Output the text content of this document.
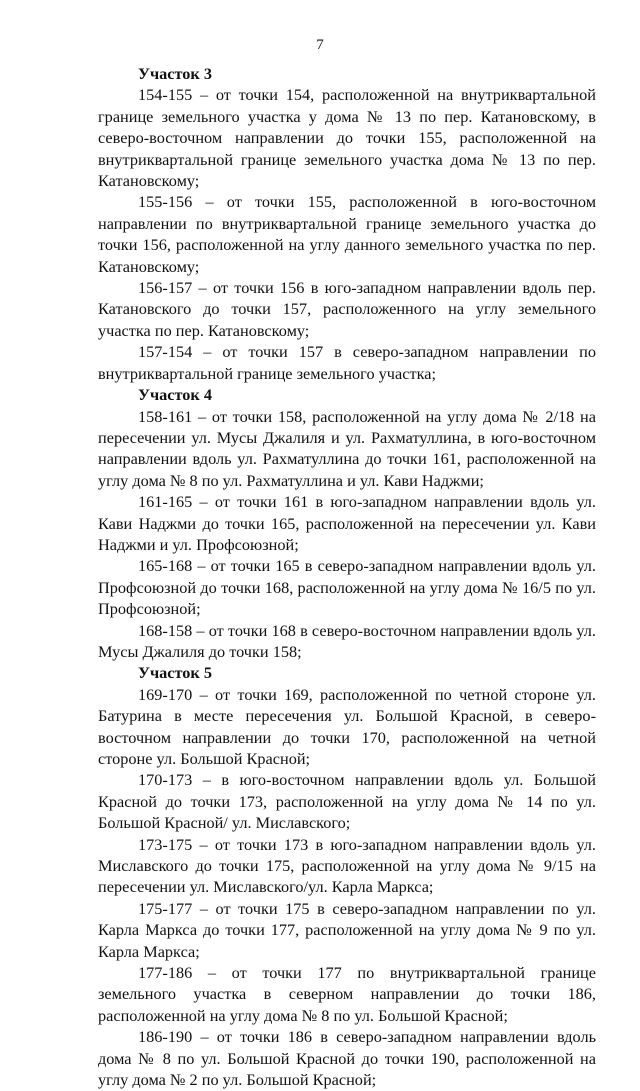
7

Участок 3

154-155 – от точки 154, расположенной на внутриквартальной границе земельного участка у дома № 13 по пер. Катановскому, в северо-восточном направлении до точки 155, расположенной на внутриквартальной границе земельного участка дома № 13 по пер. Катановскому;

155-156 – от точки 155, расположенной в юго-восточном направлении по внутриквартальной границе земельного участка до точки 156, расположенной на углу данного земельного участка по пер. Катановскому;

156-157 – от точки 156 в юго-западном направлении вдоль пер. Катановского до точки 157, расположенного на углу земельного участка по пер. Катановскому;

157-154 – от точки 157 в северо-западном направлении по внутриквартальной границе земельного участка;

Участок 4

158-161 – от точки 158, расположенной на углу дома № 2/18 на пересечении ул. Мусы Джалиля и ул. Рахматуллина, в юго-восточном направлении вдоль ул. Рахматуллина до точки 161, расположенной на углу дома № 8 по ул. Рахматуллина и ул. Кави Наджми;

161-165 – от точки 161 в юго-западном направлении вдоль ул. Кави Наджми до точки 165, расположенной на пересечении ул. Кави Наджми и ул. Профсоюзной;

165-168 – от точки 165 в северо-западном направлении вдоль ул. Профсоюзной до точки 168, расположенной на углу дома № 16/5 по ул. Профсоюзной;

168-158 – от точки 168 в северо-восточном направлении вдоль ул. Мусы Джалиля до точки 158;

Участок 5

169-170 – от точки 169, расположенной по четной стороне ул. Батурина в месте пересечения ул. Большой Красной, в северо-восточном направлении до точки 170, расположенной на четной стороне ул. Большой Красной;

170-173 – в юго-восточном направлении вдоль ул. Большой Красной до точки 173, расположенной на углу дома № 14 по ул. Большой Красной/ ул. Миславского;

173-175 – от точки 173 в юго-западном направлении вдоль ул. Миславского до точки 175, расположенной на углу дома № 9/15 на пересечении ул. Миславского/ул. Карла Маркса;

175-177 – от точки 175 в северо-западном направлении по ул. Карла Маркса до точки 177, расположенной на углу дома № 9 по ул. Карла Маркса;

177-186 – от точки 177 по внутриквартальной границе земельного участка в северном направлении до точки 186, расположенной на углу дома № 8 по ул. Большой Красной;

186-190 – от точки 186 в северо-западном направлении вдоль дома № 8 по ул. Большой Красной до точки 190, расположенной на углу дома № 2 по ул. Большой Красной;
